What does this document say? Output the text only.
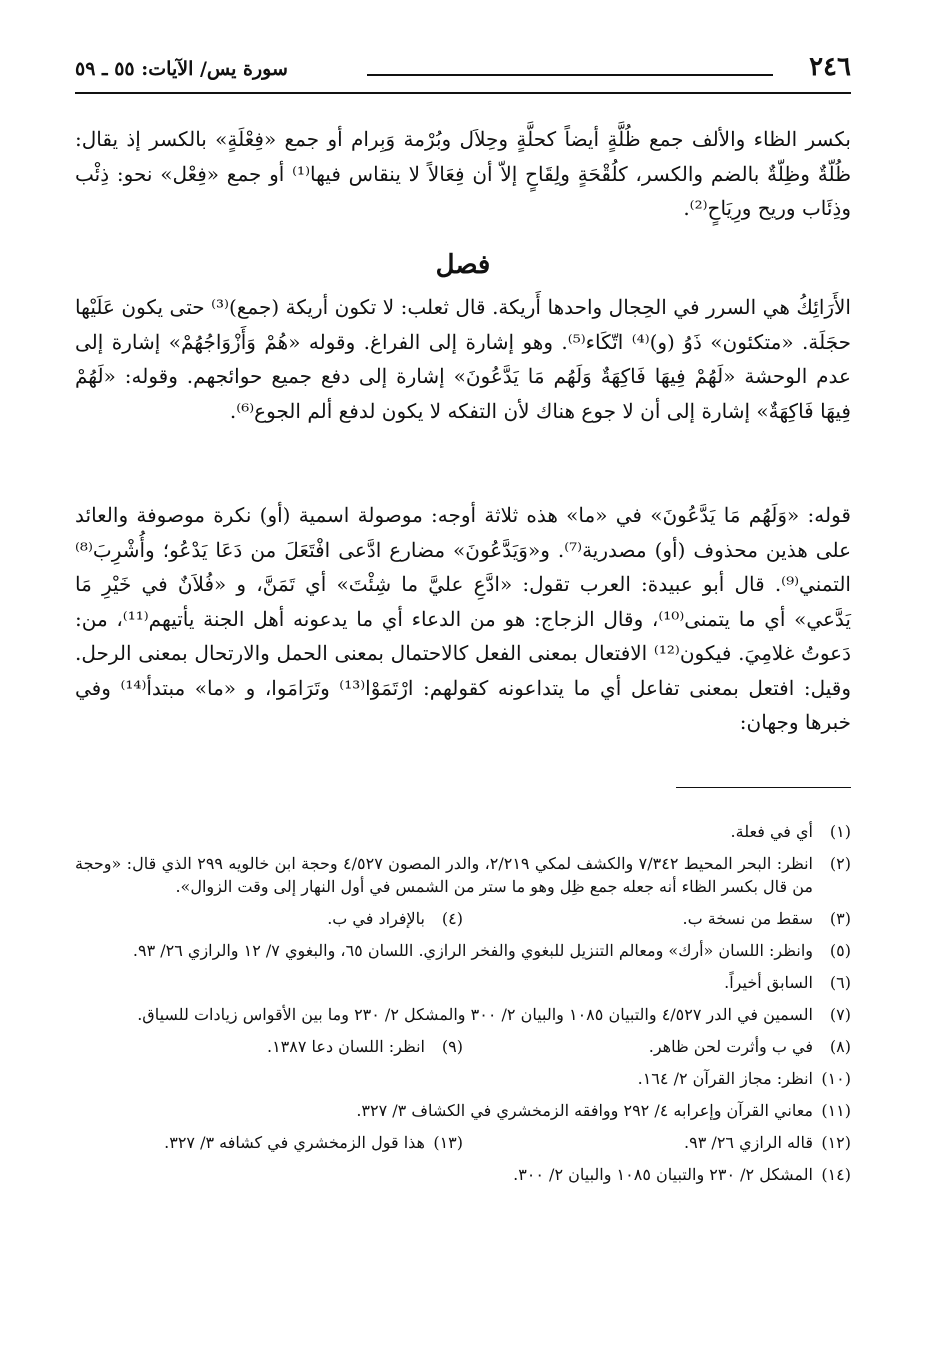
٢٤٦
سورة يس/ الآيات: ٥٥ ـ ٥٩

بكسر الظاء والألف جمع ظُلَّةٍ أيضاً كحلَّةٍ وحِلاَل وبُرْمة وَبِرام أو جمع «فِعْلَةٍ» بالكسر إذ يقال: ظُلّةٌ وظِلّةٌ بالضم والكسر، كلُقْحَةٍ ولِقَاحٍ إلاّ أن فِعَالاً لا ينقاس فيها⁽¹⁾ أو جمع «فِعْل» نحو: ذِئْب وذِئَاب وريح ورِيَاحٍ⁽²⁾.

فصل

الأَرَائِكُ هي السرر في الحِجال واحدها أَريكة. قال ثعلب: لا تكون أريكة (جمع)⁽³⁾ حتى يكون عَلَيْها حجَلَة. «متكئون» ذَوُ (و)⁽⁴⁾ اتّكَاء⁽⁵⁾. وهو إشارة إلى الفراغ. وقوله «هُمْ وَأَزْوَاجُهُمْ» إشارة إلى عدم الوحشة «لَهُمْ فِيهَا فَاكِهَةٌ وَلَهُم مَا يَدَّعُونَ» إشارة إلى دفع جميع حوائجهم. وقوله: «لَهُمْ فِيهَا فَاكِهَةٌ» إشارة إلى أن لا جوع هناك لأن التفكه لا يكون لدفع ألم الجوع⁽⁶⁾.

قوله: «وَلَهُم مَا يَدَّعُونَ» في «ما» هذه ثلاثة أوجه: موصولة اسمية (أو) نكرة موصوفة والعائد على هذين محذوف (أو) مصدرية⁽⁷⁾. و«وَيَدَّعُونَ» مضارع ادَّعى افْتَعَلَ من دَعَا يَدْعُو؛ وأُشْرِبَ⁽⁸⁾ التمني⁽⁹⁾. قال أبو عبيدة: العرب تقول: «ادَّعِ عليَّ ما شِئْتَ» أي تَمَنَّ، و «فُلاَنٌ في خَيْرِ مَا يَدَّعي» أي ما يتمنى⁽¹⁰⁾، وقال الزجاج: هو من الدعاء أي ما يدعونه أهل الجنة يأتيهم⁽¹¹⁾، من: دَعوتُ غلامِيَ. فيكون⁽¹²⁾ الافتعال بمعنى الفعل كالاحتمال بمعنى الحمل والارتحال بمعنى الرحل. وقيل: افتعل بمعنى تفاعل أي ما يتداعونه كقولهم: ارْتَمَوْا⁽¹³⁾ وتَرَامَوا، و «ما» مبتدأ⁽¹⁴⁾ وفي خبرها وجهان:

(١)
أي في فعلة.
(٢)
انظر: البحر المحيط ٧/٣٤٢ والكشف لمكي ٢/٢١٩، والدر المصون ٤/٥٢٧ وحجة ابن خالويه ٢٩٩ الذي قال: «وحجة من قال بكسر الظاء أنه جعله جمع ظِل وهو ما ستر من الشمس في أول النهار إلى وقت الزوال».
(٣)
سقط من نسخة ب.
(٤)
بالإفراد في ب.
(٥)
وانظر: اللسان «أرك» ومعالم التنزيل للبغوي والفخر الرازي. اللسان ٦٥، والبغوي ٧/ ١٢ والرازي ٢٦/ ٩٣.
(٦)
السابق أخيراً.
(٧)
السمين في الدر ٤/٥٢٧ والتبيان ١٠٨٥ والبيان ٢/ ٣٠٠ والمشكل ٢/ ٢٣٠ وما بين الأقواس زيادات للسياق.
(٨)
في ب وأثرت لحن ظاهر.
(٩)
انظر: اللسان دعا ١٣٨٧.
(١٠)
انظر: مجاز القرآن ٢/ ١٦٤.
(١١)
معاني القرآن وإعرابه ٤/ ٢٩٢ ووافقه الزمخشري في الكشاف ٣/ ٣٢٧.
(١٢)
قاله الرازي ٢٦/ ٩٣.
(١٣)
هذا قول الزمخشري في كشافه ٣/ ٣٢٧.
(١٤)
المشكل ٢/ ٢٣٠ والتبيان ١٠٨٥ والبيان ٢/ ٣٠٠.
